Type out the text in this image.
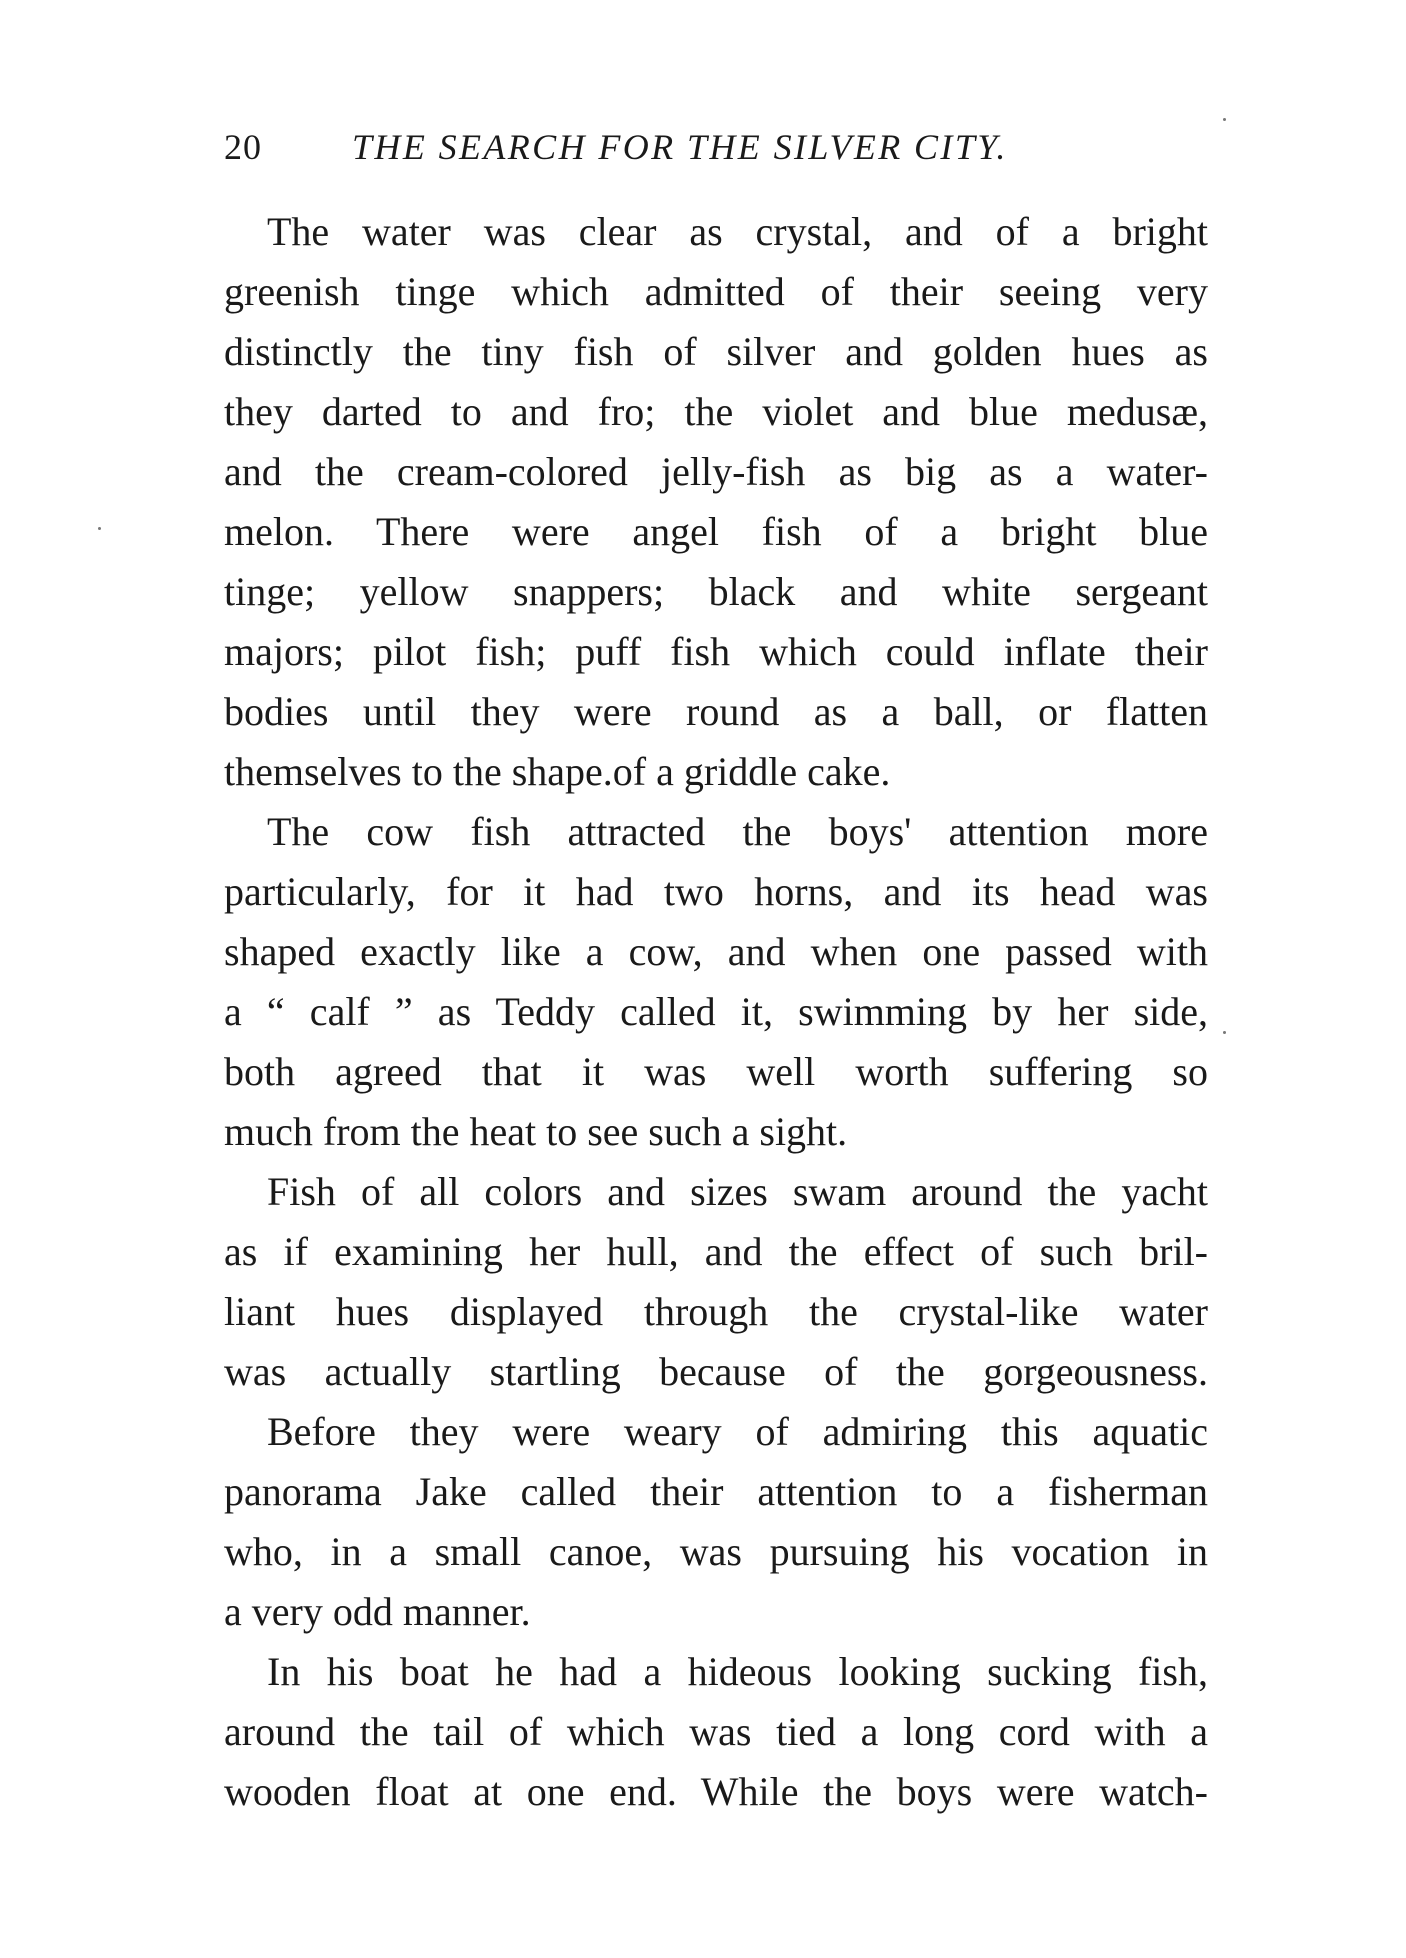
20	THE SEARCH FOR THE SILVER CITY.
The water was clear as crystal, and of a bright
greenish tinge which admitted of their seeing very
distinctly the tiny fish of silver and golden hues as
they darted to and fro; the violet and blue medusæ,
and the cream-colored jelly-fish as big as a water-
melon. There were angel fish of a bright blue
tinge; yellow snappers; black and white sergeant
majors; pilot fish; puff fish which could inflate their
bodies until they were round as a ball, or flatten
themselves to the shape.of a griddle cake.
The cow fish attracted the boys' attention more
particularly, for it had two horns, and its head was
shaped exactly like a cow, and when one passed with
a “ calf ” as Teddy called it, swimming by her side,
both agreed that it was well worth suffering so
much from the heat to see such a sight.
Fish of all colors and sizes swam around the yacht
as if examining her hull, and the effect of such bril-
liant hues displayed through the crystal-like water
was actually startling because of the gorgeousness.
Before they were weary of admiring this aquatic
panorama Jake called their attention to a fisherman
who, in a small canoe, was pursuing his vocation in
a very odd manner.
In his boat he had a hideous looking sucking fish,
around the tail of which was tied a long cord with a
wooden float at one end. While the boys were watch-
